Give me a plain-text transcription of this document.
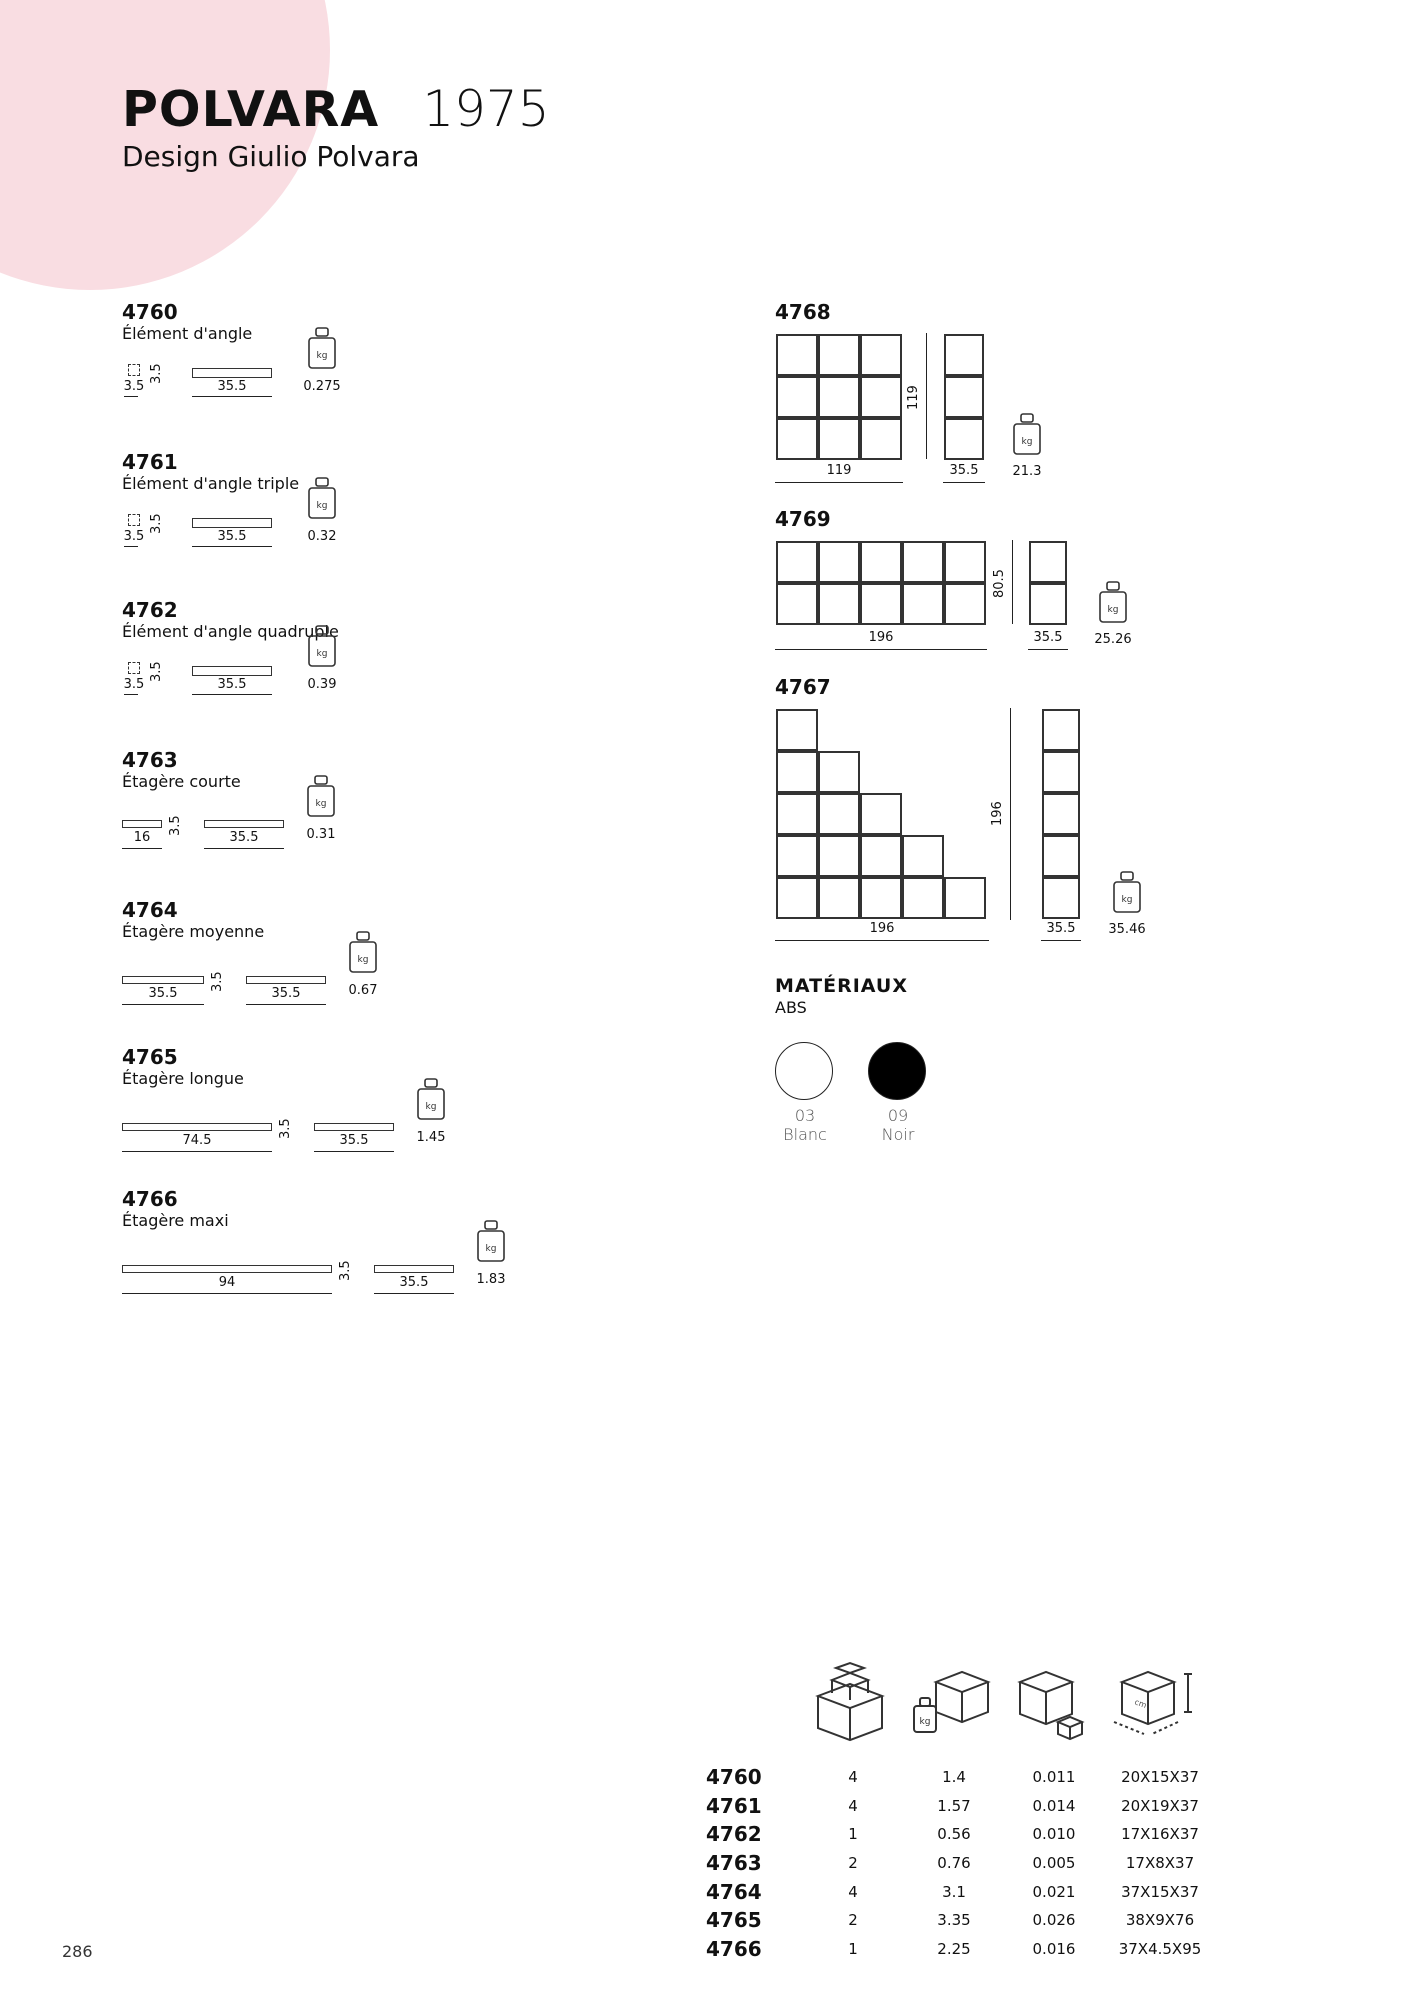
POLVARA 1975
Design Giulio Polvara
4760
Élément d'angle
3.5
3.5
35.5
kg
0.275
4761
Élément d'angle triple
3.5
3.5
35.5
kg
0.32
4762
Élément d'angle quadruple
3.5
3.5
35.5
kg
0.39
4763
Étagère courte
16
3.5
35.5
kg
0.31
4764
Étagère moyenne
35.5
3.5
35.5
kg
0.67
4765
Étagère longue
74.5
3.5
35.5
kg
1.45
4766
Étagère maxi
94
3.5
35.5
kg
1.83
4768
119
119
35.5
kg
21.3
4769
196
80.5
35.5
kg
25.26
4767
196
196
35.5
kg
35.46
MATÉRIAUX
ABS
03
Blanc
09
Noir
kg
cm
4760	4	1.4	0.011	20X15X37
4761	4	1.57	0.014	20X19X37
4762	1	0.56	0.010	17X16X37
4763	2	0.76	0.005	17X8X37
4764	4	3.1	0.021	37X15X37
4765	2	3.35	0.026	38X9X76
4766	1	2.25	0.016	37X4.5X95
286
